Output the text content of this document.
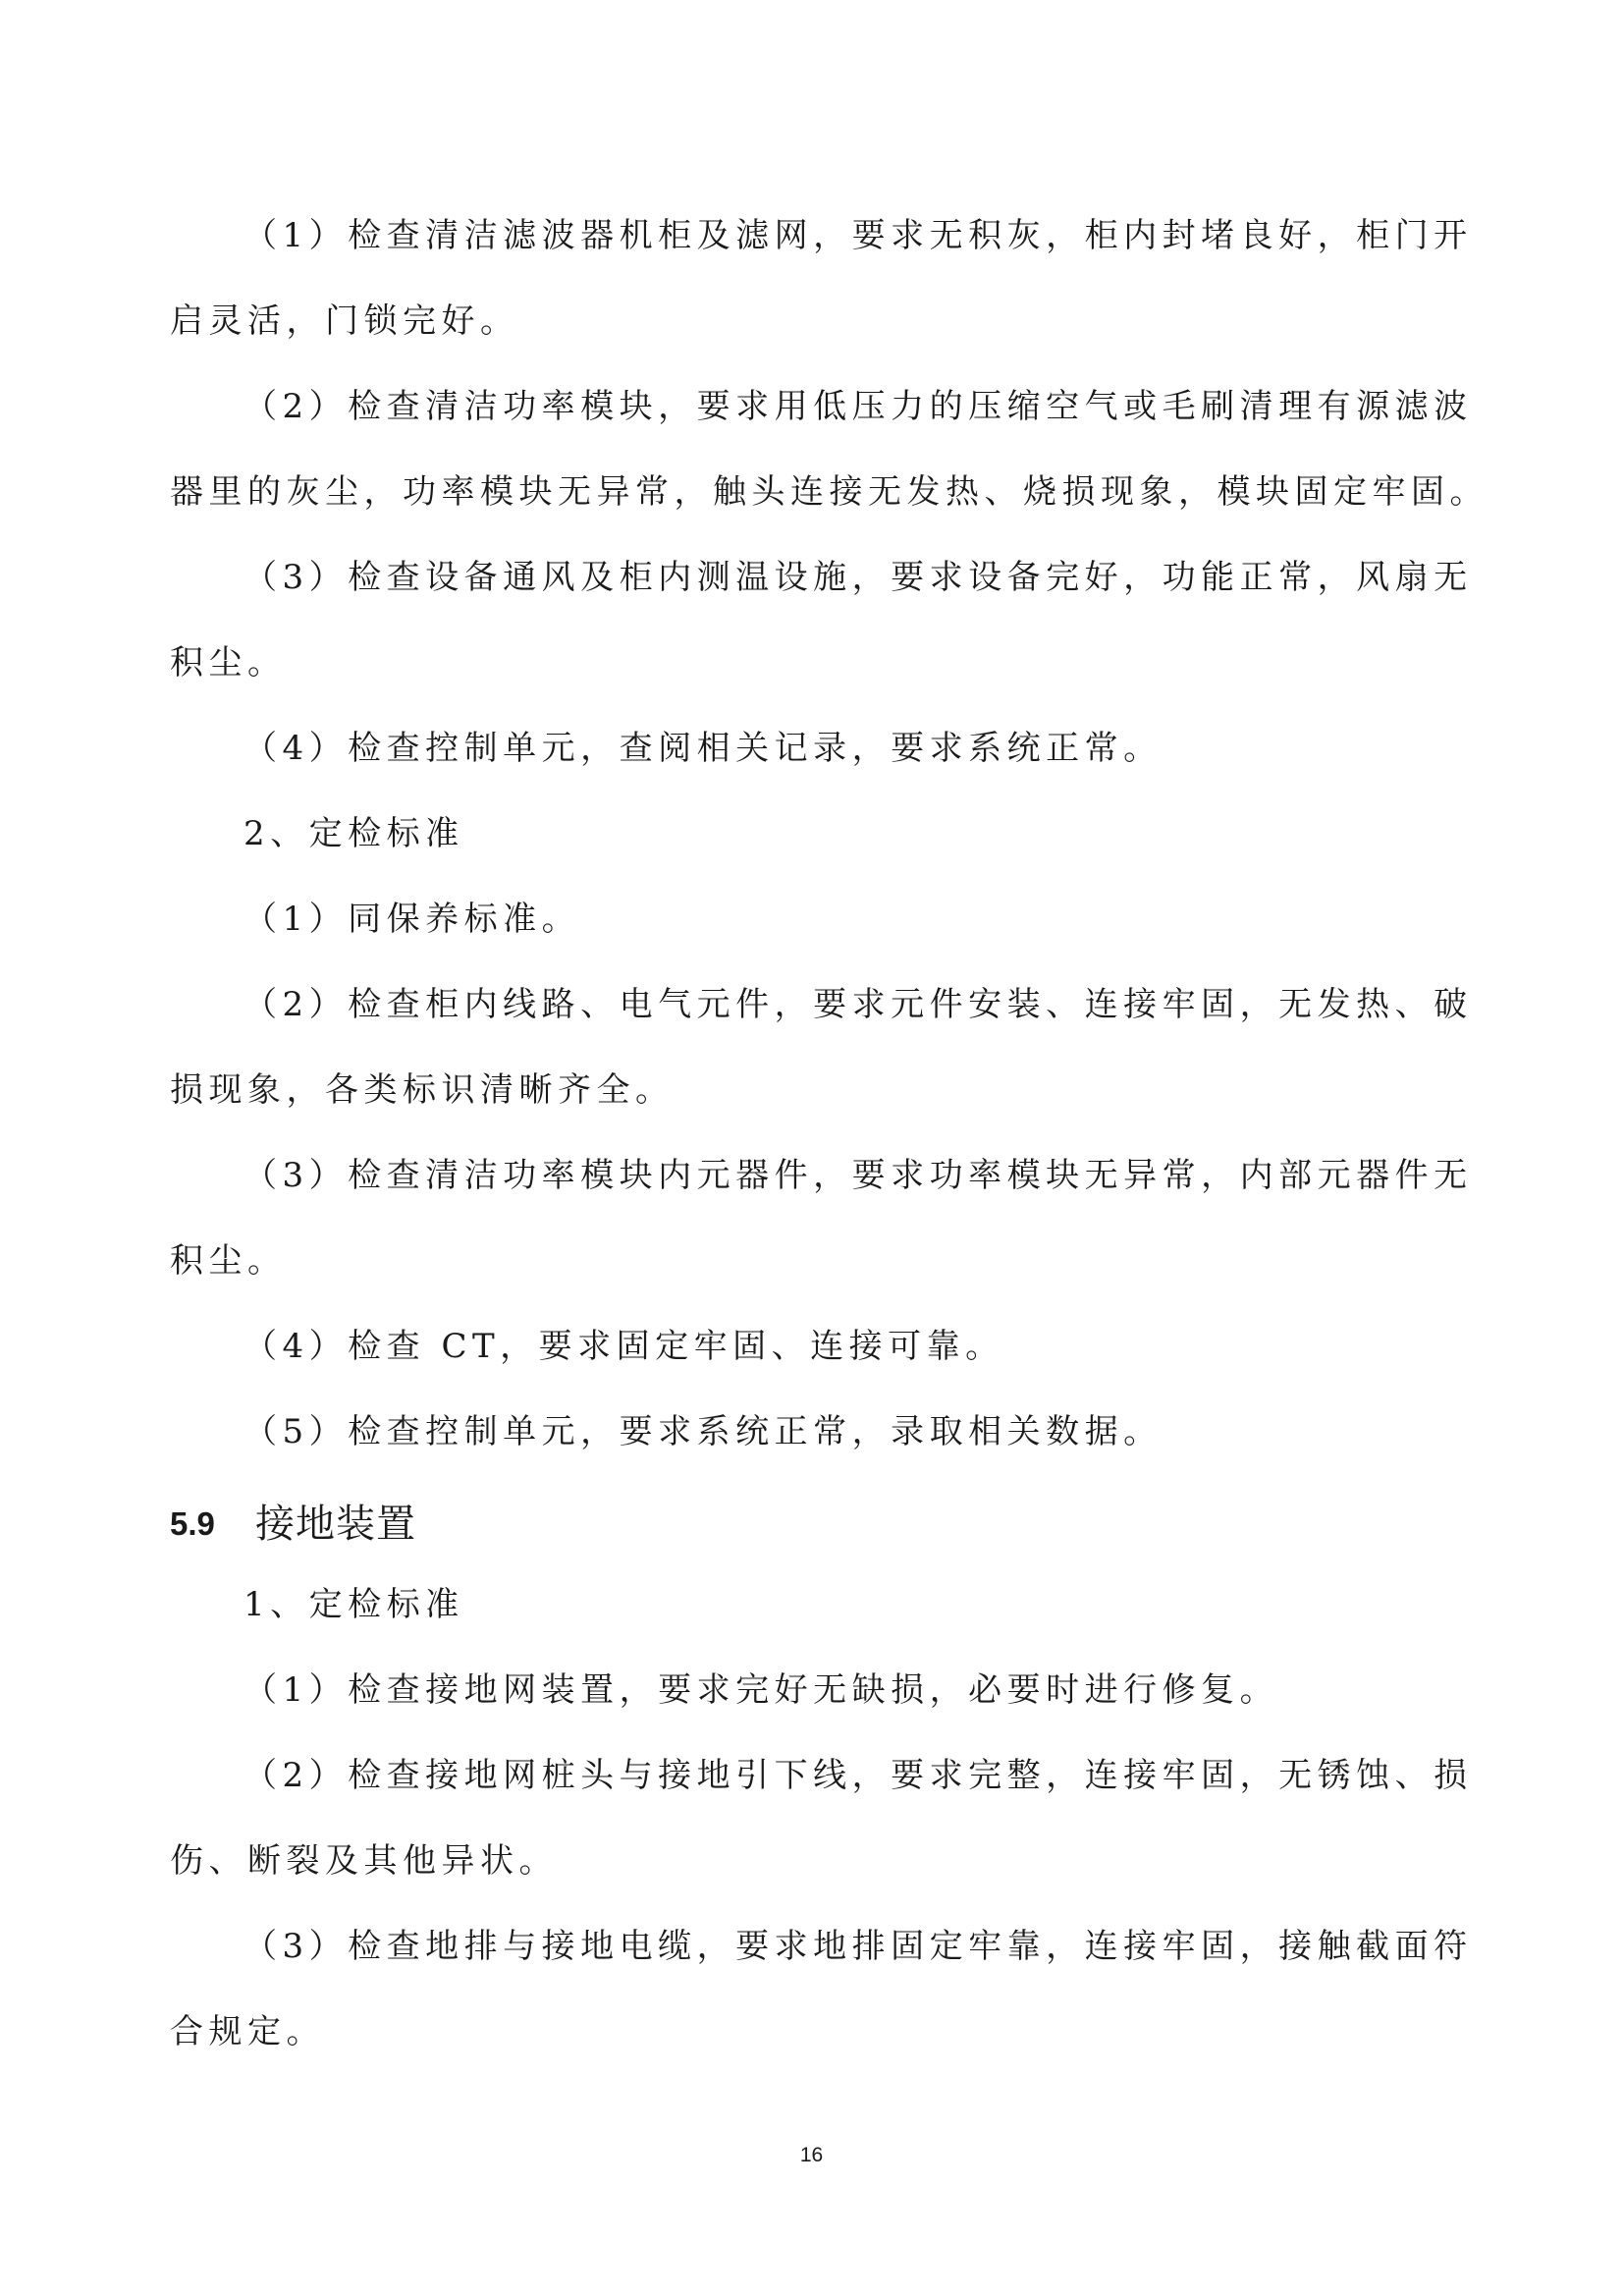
（1）检查清洁滤波器机柜及滤网，要求无积灰，柜内封堵良好，柜门开
启灵活，门锁完好。
（2）检查清洁功率模块，要求用低压力的压缩空气或毛刷清理有源滤波
器里的灰尘，功率模块无异常，触头连接无发热、烧损现象，模块固定牢固。
（3）检查设备通风及柜内测温设施，要求设备完好，功能正常，风扇无
积尘。
（4）检查控制单元，查阅相关记录，要求系统正常。
2、定检标准
（1）同保养标准。
（2）检查柜内线路、电气元件，要求元件安装、连接牢固，无发热、破
损现象，各类标识清晰齐全。
（3）检查清洁功率模块内元器件，要求功率模块无异常，内部元器件无
积尘。
（4）检查 CT，要求固定牢固、连接可靠。
（5）检查控制单元，要求系统正常，录取相关数据。
5.9 接地装置
1、定检标准
（1）检查接地网装置，要求完好无缺损，必要时进行修复。
（2）检查接地网桩头与接地引下线，要求完整，连接牢固，无锈蚀、损
伤、断裂及其他异状。
（3）检查地排与接地电缆，要求地排固定牢靠，连接牢固，接触截面符
合规定。
16
